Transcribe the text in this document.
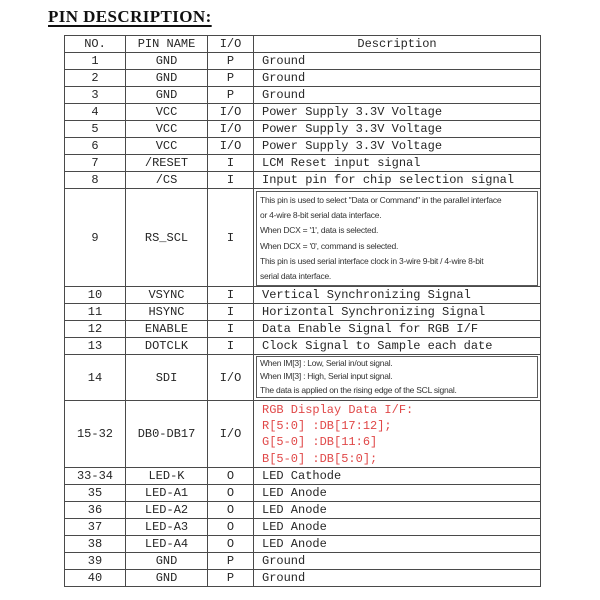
PIN DESCRIPTION:
NO.	PIN NAME	I/O	Description
1	GND	P	Ground
2	GND	P	Ground
3	GND	P	Ground
4	VCC	I/O	Power Supply 3.3V Voltage
5	VCC	I/O	Power Supply 3.3V Voltage
6	VCC	I/O	Power Supply 3.3V Voltage
7	/RESET	I	LCM Reset input signal
8	/CS	I	Input pin for chip selection signal
9	RS_SCL	I
This pin is used to select "Data or Command" in the parallel interface
or 4-wire 8-bit serial data interface.
When DCX = '1', data is selected.
When DCX = '0', command is selected.
This pin is used serial interface clock in 3-wire 9-bit / 4-wire 8-bit
serial data interface.
10	VSYNC	I	Vertical Synchronizing Signal
11	HSYNC	I	Horizontal Synchronizing Signal
12	ENABLE	I	Data Enable Signal for RGB I/F
13	DOTCLK	I	Clock Signal to Sample each date
14	SDI	I/O
When IM[3] : Low, Serial in/out signal.
When IM[3] : High, Serial input signal.
The data is applied on the rising edge of the SCL signal.
15-32	DB0-DB17	I/O
RGB Display Data I/F:
R[5:0] :DB[17:12];
G[5-0] :DB[11:6]
B[5-0] :DB[5:0];
33-34	LED-K	O	LED Cathode
35	LED-A1	O	LED Anode
36	LED-A2	O	LED Anode
37	LED-A3	O	LED Anode
38	LED-A4	O	LED Anode
39	GND	P	Ground
40	GND	P	Ground
